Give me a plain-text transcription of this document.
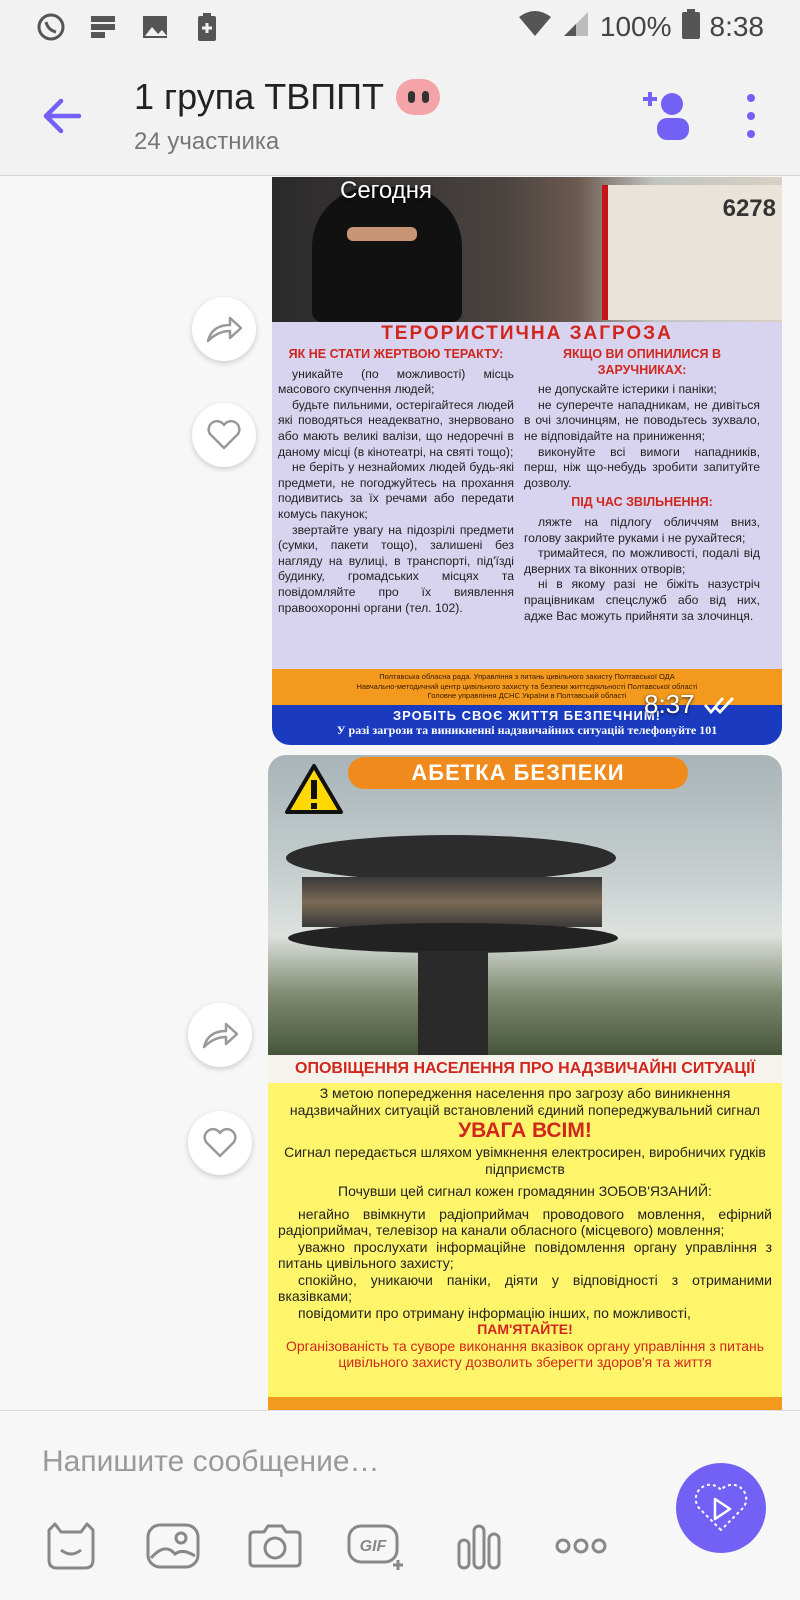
100% 8:38
1 група ТВППТ
24 участника
6278
ТЕРОРИСТИЧНА ЗАГРОЗА
ЯК НЕ СТАТИ ЖЕРТВОЮ ТЕРАКТУ:

уникайте (по можливості) місць масового скупчення людей;

будьте пильними, остерігайтеся людей які поводяться неадекватно, знервовано або мають великі валізи, що недоречні в даному місці (в кінотеатрі, на святі тощо);

не беріть у незнайомих людей будь-які предмети, не погоджуйтесь на прохання подивитись за їх речами або передати комусь пакунок;

звертайте увагу на підозрілі предмети (сумки, пакети тощо), залишені без нагляду на вулиці, в транспорті, під'їзді будинку, громадських місцях та повідомляйте про їх виявлення правоохоронні органи (тел. 102).

ЯКЩО ВИ ОПИНИЛИСЯ В ЗАРУЧНИКАХ:

не допускайте істерики і паніки;

не суперечте нападникам, не дивіться в очі злочинцям, не поводьтесь зухвало, не відповідайте на приниження;

виконуйте всі вимоги нападників, перш, ніж що-небудь зробити запитуйте дозволу.

ПІД ЧАС ЗВІЛЬНЕННЯ:

ляжте на підлогу обличчям вниз, голову закрийте руками і не рухайтеся;

тримайтеся, по можливості, подалі від дверних та віконних отворів;

ні в якому разі не біжіть назустріч працівникам спецслужб або від них, адже Вас можуть прийняти за злочинця.

Полтавська обласна рада. Управління з питань цивільного захисту Полтавської ОДА
Навчально-методичний центр цивільного захисту та безпеки життєдіяльності Полтавської області
Головне управління ДСНС України в Полтавській області
ЗРОБІТЬ СВОЄ ЖИТТЯ БЕЗПЕЧНИМ!
У разі загрози та виникненні надзвичайних ситуацій телефонуйте 101
8:37
Сегодня
АБЕТКА БЕЗПЕКИ
ОПОВІЩЕННЯ НАСЕЛЕННЯ ПРО НАДЗВИЧАЙНІ СИТУАЦІЇ
З метою попередження населення про загрозу або виникнення надзвичайних ситуацій встановлений єдиний попереджувальний сигнал
УВАГА ВСІМ!
Сигнал передається шляхом увімкнення електросирен, виробничих гудків підприємств
Почувши цей сигнал кожен громадянин ЗОБОВ'ЯЗАНИЙ:
негайно ввімкнути радіоприймач проводового мовлення, ефірний радіоприймач, телевізор на канали обласного (місцевого) мовлення;
уважно прослухати інформаційне повідомлення органу управління з питань цивільного захисту;
спокійно, уникаючи паніки, діяти у відповідності з отриманими вказівками;
повідомити про отриману інформацію інших, по можливості,
ПАМ'ЯТАЙТЕ!
Організованість та суворе виконання вказівок органу управління з питань цивільного захисту дозволить зберегти здоров'я та життя
Напишите сообщение…
GIF
